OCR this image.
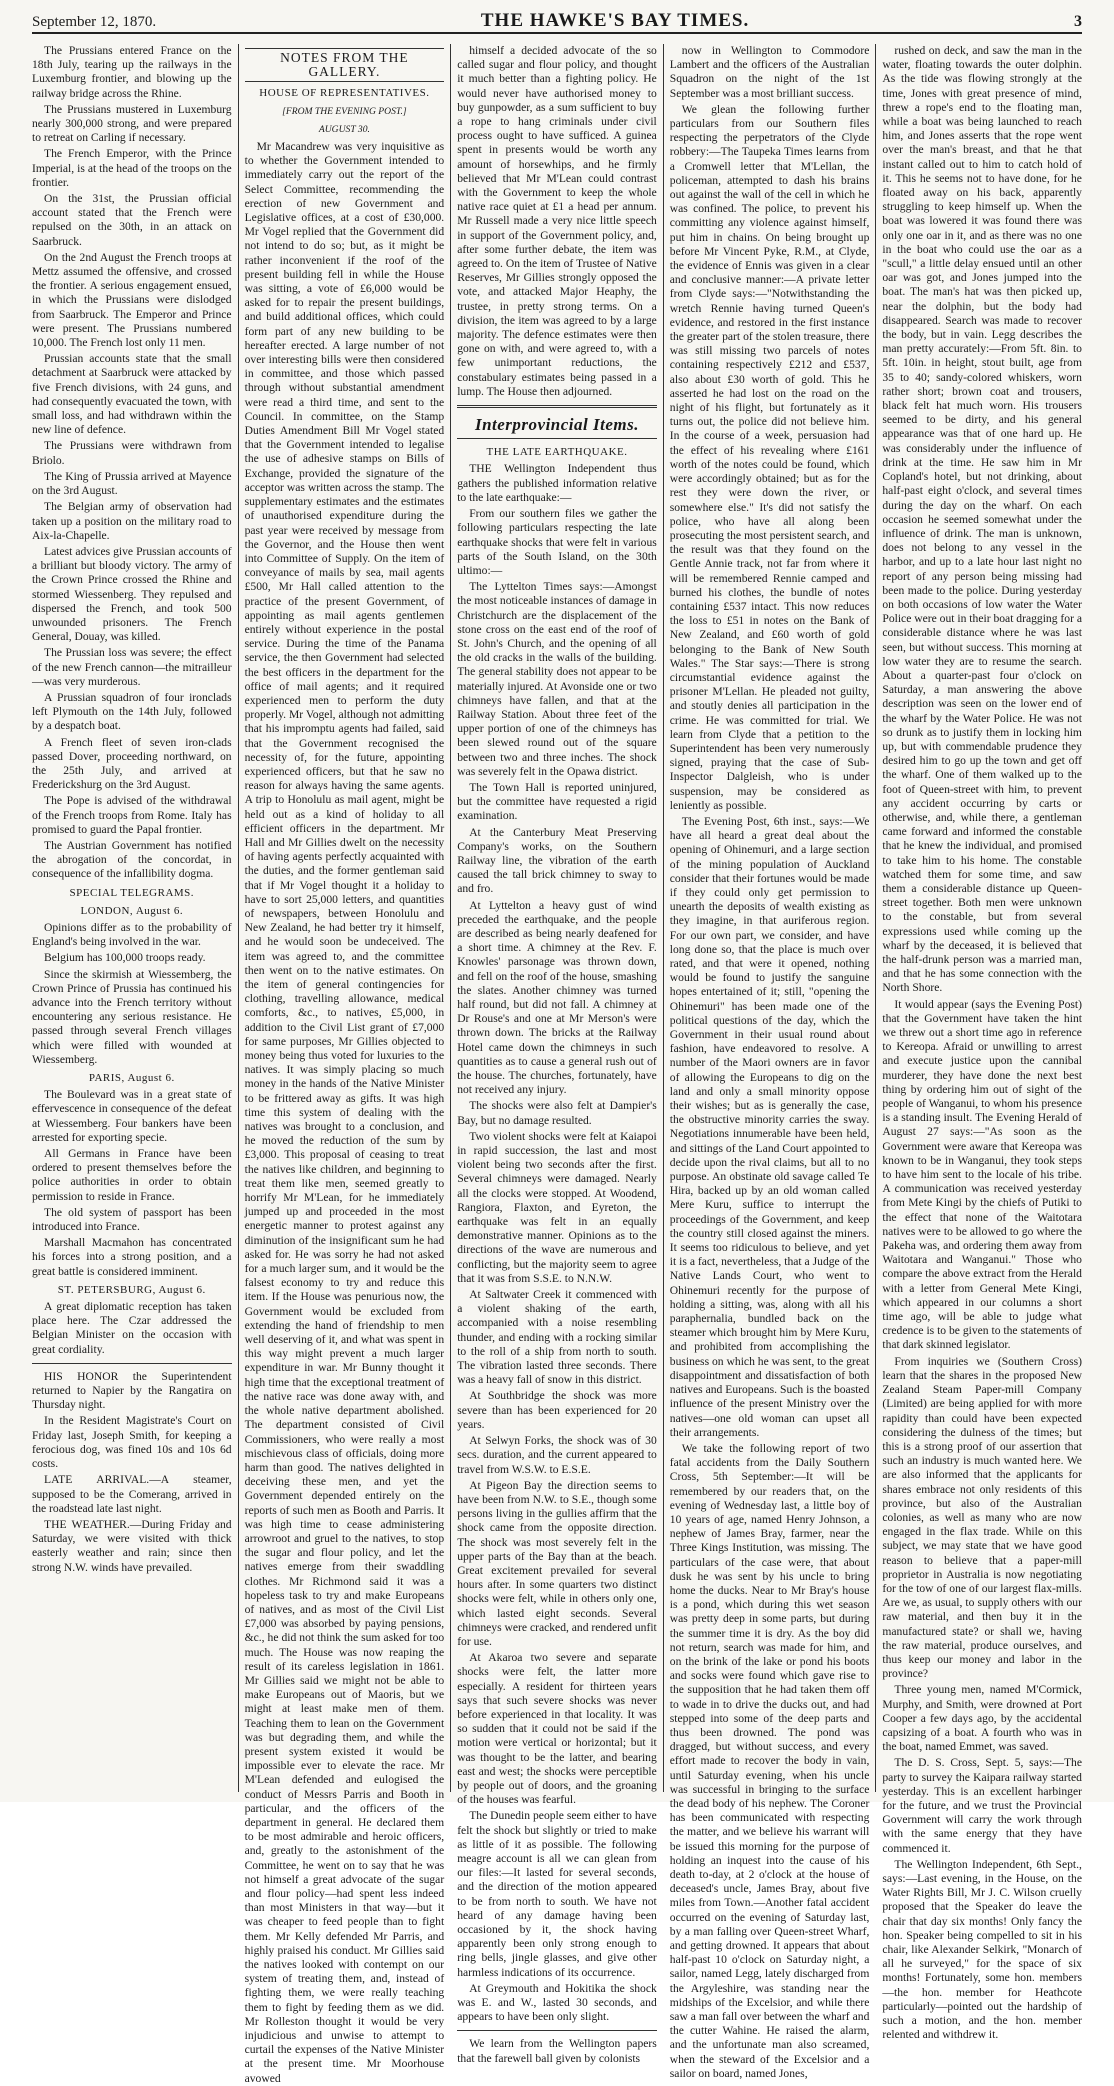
September 12, 1870.	THE HAWKE'S BAY TIMES.	3

The Prussians entered France on the 18th July, tearing up the railways in the Luxemburg frontier, and blowing up the railway bridge across the Rhine.

The Prussians mustered in Luxemburg nearly 300,000 strong, and were prepared to retreat on Carling if necessary.

The French Emperor, with the Prince Imperial, is at the head of the troops on the frontier.

On the 31st, the Prussian official account stated that the French were repulsed on the 30th, in an attack on Saarbruck.

On the 2nd August the French troops at Mettz assumed the offensive, and crossed the frontier. A serious engagement ensued, in which the Prussians were dislodged from Saarbruck. The Emperor and Prince were present. The Prussians numbered 10,000. The French lost only 11 men.

Prussian accounts state that the small detachment at Saarbruck were attacked by five French divisions, with 24 guns, and had consequently evacuated the town, with small loss, and had withdrawn within the new line of defence.

The Prussians were withdrawn from Briolo.

The King of Prussia arrived at Mayence on the 3rd August.

The Belgian army of observation had taken up a position on the military road to Aix-la-Chapelle.

Latest advices give Prussian accounts of a brilliant but bloody victory. The army of the Crown Prince crossed the Rhine and stormed Wiessenberg. They repulsed and dispersed the French, and took 500 unwounded prisoners. The French General, Douay, was killed.

The Prussian loss was severe; the effect of the new French cannon—the mitrailleur—was very murderous.

A Prussian squadron of four ironclads left Plymouth on the 14th July, followed by a despatch boat.

A French fleet of seven iron-clads passed Dover, proceeding northward, on the 25th July, and arrived at Frederickshurg on the 3rd August.

The Pope is advised of the withdrawal of the French troops from Rome. Italy has promised to guard the Papal frontier.

The Austrian Government has notified the abrogation of the concordat, in consequence of the infallibility dogma.

SPECIAL TELEGRAMS.
LONDON, August 6.

Opinions differ as to the probability of England's being involved in the war.

Belgium has 100,000 troops ready.

Since the skirmish at Wiessemberg, the Crown Prince of Prussia has continued his advance into the French territory without encountering any serious resistance. He passed through several French villages which were filled with wounded at Wiessemberg.

PARIS, August 6.

The Boulevard was in a great state of effervescence in consequence of the defeat at Wiessemberg. Four bankers have been arrested for exporting specie.

All Germans in France have been ordered to present themselves before the police authorities in order to obtain permission to reside in France.

The old system of passport has been introduced into France.

Marshall Macmahon has concentrated his forces into a strong position, and a great battle is considered imminent.

ST. PETERSBURG, August 6.

A great diplomatic reception has taken place here. The Czar addressed the Belgian Minister on the occasion with great cordiality.

HIS HONOR the Superintendent returned to Napier by the Rangatira on Thursday night.

In the Resident Magistrate's Court on Friday last, Joseph Smith, for keeping a ferocious dog, was fined 10s and 10s 6d costs.

LATE ARRIVAL.—A steamer, supposed to be the Comerang, arrived in the roadstead late last night.

THE WEATHER.—During Friday and Saturday, we were visited with thick easterly weather and rain; since then strong N.W. winds have prevailed.

NOTES FROM THE GALLERY.
HOUSE OF REPRESENTATIVES.
[FROM THE EVENING POST.]
AUGUST 30.

Mr Macandrew was very inquisitive as to whether the Government intended to immediately carry out the report of the Select Committee, recommending the erection of new Government and Legislative offices, at a cost of £30,000. Mr Vogel replied that the Government did not intend to do so; but, as it might be rather inconvenient if the roof of the present building fell in while the House was sitting, a vote of £6,000 would be asked for to repair the present buildings, and build additional offices, which could form part of any new building to be hereafter erected. A large number of not over interesting bills were then considered in committee, and those which passed through without substantial amendment were read a third time, and sent to the Council. In committee, on the Stamp Duties Amendment Bill Mr Vogel stated that the Government intended to legalise the use of adhesive stamps on Bills of Exchange, provided the signature of the acceptor was written across the stamp. The supplementary estimates and the estimates of unauthorised expenditure during the past year were received by message from the Governor, and the House then went into Committee of Supply. On the item of conveyance of mails by sea, mail agents £500, Mr Hall called attention to the practice of the present Government, of appointing as mail agents gentlemen entirely without experience in the postal service. During the time of the Panama service, the then Government had selected the best officers in the department for the office of mail agents; and it required experienced men to perform the duty properly. Mr Vogel, although not admitting that his impromptu agents had failed, said that the Government recognised the necessity of, for the future, appointing experienced officers, but that he saw no reason for always having the same agents. A trip to Honolulu as mail agent, might be held out as a kind of holiday to all efficient officers in the department. Mr Hall and Mr Gillies dwelt on the necessity of having agents perfectly acquainted with the duties, and the former gentleman said that if Mr Vogel thought it a holiday to have to sort 25,000 letters, and quantities of newspapers, between Honolulu and New Zealand, he had better try it himself, and he would soon be undeceived. The item was agreed to, and the committee then went on to the native estimates. On the item of general contingencies for clothing, travelling allowance, medical comforts, &c., to natives, £5,000, in addition to the Civil List grant of £7,000 for same purposes, Mr Gillies objected to money being thus voted for luxuries to the natives. It was simply placing so much money in the hands of the Native Minister to be frittered away as gifts. It was high time this system of dealing with the natives was brought to a conclusion, and he moved the reduction of the sum by £3,000. This proposal of ceasing to treat the natives like children, and beginning to treat them like men, seemed greatly to horrify Mr M'Lean, for he immediately jumped up and proceeded in the most energetic manner to protest against any diminution of the insignificant sum he had asked for. He was sorry he had not asked for a much larger sum, and it would be the falsest economy to try and reduce this item. If the House was penurious now, the Government would be excluded from extending the hand of friendship to men well deserving of it, and what was spent in this way might prevent a much larger expenditure in war. Mr Bunny thought it high time that the exceptional treatment of the native race was done away with, and the whole native department abolished. The department consisted of Civil Commissioners, who were really a most mischievous class of officials, doing more harm than good. The natives delighted in deceiving these men, and yet the Government depended entirely on the reports of such men as Booth and Parris. It was high time to cease administering arrowroot and gruel to the natives, to stop the sugar and flour policy, and let the natives emerge from their swaddling clothes. Mr Richmond said it was a hopeless task to try and make Europeans of natives, and as most of the Civil List £7,000 was absorbed by paying pensions, &c., he did not think the sum asked for too much. The House was now reaping the result of its careless legislation in 1861. Mr Gillies said we might not be able to make Europeans out of Maoris, but we might at least make men of them. Teaching them to lean on the Government was but degrading them, and while the present system existed it would be impossible ever to elevate the race. Mr M'Lean defended and eulogised the conduct of Messrs Parris and Booth in particular, and the officers of the department in general. He declared them to be most admirable and heroic officers, and, greatly to the astonishment of the Committee, he went on to say that he was not himself a great advocate of the sugar and flour policy—had spent less indeed than most Ministers in that way—but it was cheaper to feed people than to fight them. Mr Kelly defended Mr Parris, and highly praised his conduct. Mr Gillies said the natives looked with contempt on our system of treating them, and, instead of fighting them, we were really teaching them to fight by feeding them as we did. Mr Rolleston thought it would be very injudicious and unwise to attempt to curtail the expenses of the Native Minister at the present time. Mr Moorhouse avowed

himself a decided advocate of the so called sugar and flour policy, and thought it much better than a fighting policy. He would never have authorised money to buy gunpowder, as a sum sufficient to buy a rope to hang criminals under civil process ought to have sufficed. A guinea spent in presents would be worth any amount of horsewhips, and he firmly believed that Mr M'Lean could contrast with the Government to keep the whole native race quiet at £1 a head per annum. Mr Russell made a very nice little speech in support of the Government policy, and, after some further debate, the item was agreed to. On the item of Trustee of Native Reserves, Mr Gillies strongly opposed the vote, and attacked Major Heaphy, the trustee, in pretty strong terms. On a division, the item was agreed to by a large majority. The defence estimates were then gone on with, and were agreed to, with a few unimportant reductions, the constabulary estimates being passed in a lump. The House then adjourned.

Interprovincial Items.
THE LATE EARTHQUAKE.

THE Wellington Independent thus gathers the published information relative to the late earthquake:—

From our southern files we gather the following particulars respecting the late earthquake shocks that were felt in various parts of the South Island, on the 30th ultimo:—

The Lyttelton Times says:—Amongst the most noticeable instances of damage in Christchurch are the displacement of the stone cross on the east end of the roof of St. John's Church, and the opening of all the old cracks in the walls of the building. The general stability does not appear to be materially injured. At Avonside one or two chimneys have fallen, and that at the Railway Station. About three feet of the upper portion of one of the chimneys has been slewed round out of the square between two and three inches. The shock was severely felt in the Opawa district.

The Town Hall is reported uninjured, but the committee have requested a rigid examination.

At the Canterbury Meat Preserving Company's works, on the Southern Railway line, the vibration of the earth caused the tall brick chimney to sway to and fro.

At Lyttelton a heavy gust of wind preceded the earthquake, and the people are described as being nearly deafened for a short time. A chimney at the Rev. F. Knowles' parsonage was thrown down, and fell on the roof of the house, smashing the slates. Another chimney was turned half round, but did not fall. A chimney at Dr Rouse's and one at Mr Merson's were thrown down. The bricks at the Railway Hotel came down the chimneys in such quantities as to cause a general rush out of the house. The churches, fortunately, have not received any injury.

The shocks were also felt at Dampier's Bay, but no damage resulted.

Two violent shocks were felt at Kaiapoi in rapid succession, the last and most violent being two seconds after the first. Several chimneys were damaged. Nearly all the clocks were stopped. At Woodend, Rangiora, Flaxton, and Eyreton, the earthquake was felt in an equally demonstrative manner. Opinions as to the directions of the wave are numerous and conflicting, but the majority seem to agree that it was from S.S.E. to N.N.W.

At Saltwater Creek it commenced with a violent shaking of the earth, accompanied with a noise resembling thunder, and ending with a rocking similar to the roll of a ship from north to south. The vibration lasted three seconds. There was a heavy fall of snow in this district.

At Southbridge the shock was more severe than has been experienced for 20 years.

At Selwyn Forks, the shock was of 30 secs. duration, and the current appeared to travel from W.S.W. to E.S.E.

At Pigeon Bay the direction seems to have been from N.W. to S.E., though some persons living in the gullies affirm that the shock came from the opposite direction. The shock was most severely felt in the upper parts of the Bay than at the beach. Great excitement prevailed for several hours after. In some quarters two distinct shocks were felt, while in others only one, which lasted eight seconds. Several chimneys were cracked, and rendered unfit for use.

At Akaroa two severe and separate shocks were felt, the latter more especially. A resident for thirteen years says that such severe shocks was never before experienced in that locality. It was so sudden that it could not be said if the motion were vertical or horizontal; but it was thought to be the latter, and bearing east and west; the shocks were perceptible by people out of doors, and the groaning of the houses was fearful.

The Dunedin people seem either to have felt the shock but slightly or tried to make as little of it as possible. The following meagre account is all we can glean from our files:—It lasted for several seconds, and the direction of the motion appeared to be from north to south. We have not heard of any damage having been occasioned by it, the shock having apparently been only strong enough to ring bells, jingle glasses, and give other harmless indications of its occurrence.

At Greymouth and Hokitika the shock was E. and W., lasted 30 seconds, and appears to have been only slight.

We learn from the Wellington papers that the farewell ball given by colonists

now in Wellington to Commodore Lambert and the officers of the Australian Squadron on the night of the 1st September was a most brilliant success.

We glean the following further particulars from our Southern files respecting the perpetrators of the Clyde robbery:—The Taupeka Times learns from a Cromwell letter that M'Lellan, the policeman, attempted to dash his brains out against the wall of the cell in which he was confined. The police, to prevent his committing any violence against himself, put him in chains. On being brought up before Mr Vincent Pyke, R.M., at Clyde, the evidence of Ennis was given in a clear and conclusive manner:—A private letter from Clyde says:—"Notwithstanding the wretch Rennie having turned Queen's evidence, and restored in the first instance the greater part of the stolen treasure, there was still missing two parcels of notes containing respectively £212 and £537, also about £30 worth of gold. This he asserted he had lost on the road on the night of his flight, but fortunately as it turns out, the police did not believe him. In the course of a week, persuasion had the effect of his revealing where £161 worth of the notes could be found, which were accordingly obtained; but as for the rest they were down the river, or somewhere else." It's did not satisfy the police, who have all along been prosecuting the most persistent search, and the result was that they found on the Gentle Annie track, not far from where it will be remembered Rennie camped and burned his clothes, the bundle of notes containing £537 intact. This now reduces the loss to £51 in notes on the Bank of New Zealand, and £60 worth of gold belonging to the Bank of New South Wales." The Star says:—There is strong circumstantial evidence against the prisoner M'Lellan. He pleaded not guilty, and stoutly denies all participation in the crime. He was committed for trial. We learn from Clyde that a petition to the Superintendent has been very numerously signed, praying that the case of Sub-Inspector Dalgleish, who is under suspension, may be considered as leniently as possible.

The Evening Post, 6th inst., says:—We have all heard a great deal about the opening of Ohinemuri, and a large section of the mining population of Auckland consider that their fortunes would be made if they could only get permission to unearth the deposits of wealth existing as they imagine, in that auriferous region. For our own part, we consider, and have long done so, that the place is much over rated, and that were it opened, nothing would be found to justify the sanguine hopes entertained of it; still, "opening the Ohinemuri" has been made one of the political questions of the day, which the Government in their usual round about fashion, have endeavored to resolve. A number of the Maori owners are in favor of allowing the Europeans to dig on the land and only a small minority oppose their wishes; but as is generally the case, the obstructive minority carries the sway. Negotiations innumerable have been held, and sittings of the Land Court appointed to decide upon the rival claims, but all to no purpose. An obstinate old savage called Te Hira, backed up by an old woman called Mere Kuru, suffice to interrupt the proceedings of the Government, and keep the country still closed against the miners. It seems too ridiculous to believe, and yet it is a fact, nevertheless, that a Judge of the Native Lands Court, who went to Ohinemuri recently for the purpose of holding a sitting, was, along with all his paraphernalia, bundled back on the steamer which brought him by Mere Kuru, and prohibited from accomplishing the business on which he was sent, to the great disappointment and dissatisfaction of both natives and Europeans. Such is the boasted influence of the present Ministry over the natives—one old woman can upset all their arrangements.

We take the following report of two fatal accidents from the Daily Southern Cross, 5th September:—It will be remembered by our readers that, on the evening of Wednesday last, a little boy of 10 years of age, named Henry Johnson, a nephew of James Bray, farmer, near the Three Kings Institution, was missing. The particulars of the case were, that about dusk he was sent by his uncle to bring home the ducks. Near to Mr Bray's house is a pond, which during this wet season was pretty deep in some parts, but during the summer time it is dry. As the boy did not return, search was made for him, and on the brink of the lake or pond his boots and socks were found which gave rise to the supposition that he had taken them off to wade in to drive the ducks out, and had stepped into some of the deep parts and thus been drowned. The pond was dragged, but without success, and every effort made to recover the body in vain, until Saturday evening, when his uncle was successful in bringing to the surface the dead body of his nephew. The Coroner has been communicated with respecting the matter, and we believe his warrant will be issued this morning for the purpose of holding an inquest into the cause of his death to-day, at 2 o'clock at the house of deceased's uncle, James Bray, about five miles from Town.—Another fatal accident occurred on the evening of Saturday last, by a man falling over Queen-street Wharf, and getting drowned. It appears that about half-past 10 o'clock on Saturday night, a sailor, named Legg, lately discharged from the Argyleshire, was standing near the midships of the Excelsior, and while there saw a man fall over between the wharf and the cutter Wahine. He raised the alarm, and the unfortunate man also screamed, when the steward of the Excelsior and a sailor on board, named Jones,

rushed on deck, and saw the man in the water, floating towards the outer dolphin. As the tide was flowing strongly at the time, Jones with great presence of mind, threw a rope's end to the floating man, while a boat was being launched to reach him, and Jones asserts that the rope went over the man's breast, and that he that instant called out to him to catch hold of it. This he seems not to have done, for he floated away on his back, apparently struggling to keep himself up. When the boat was lowered it was found there was only one oar in it, and as there was no one in the boat who could use the oar as a "scull," a little delay ensued until an other oar was got, and Jones jumped into the boat. The man's hat was then picked up, near the dolphin, but the body had disappeared. Search was made to recover the body, but in vain. Legg describes the man pretty accurately:—From 5ft. 8in. to 5ft. 10in. in height, stout built, age from 35 to 40; sandy-colored whiskers, worn rather short; brown coat and trousers, black felt hat much worn. His trousers seemed to be dirty, and his general appearance was that of one hard up. He was considerably under the influence of drink at the time. He saw him in Mr Copland's hotel, but not drinking, about half-past eight o'clock, and several times during the day on the wharf. On each occasion he seemed somewhat under the influence of drink. The man is unknown, does not belong to any vessel in the harbor, and up to a late hour last night no report of any person being missing had been made to the police. During yesterday on both occasions of low water the Water Police were out in their boat dragging for a considerable distance where he was last seen, but without success. This morning at low water they are to resume the search. About a quarter-past four o'clock on Saturday, a man answering the above description was seen on the lower end of the wharf by the Water Police. He was not so drunk as to justify them in locking him up, but with commendable prudence they desired him to go up the town and get off the wharf. One of them walked up to the foot of Queen-street with him, to prevent any accident occurring by carts or otherwise, and, while there, a gentleman came forward and informed the constable that he knew the individual, and promised to take him to his home. The constable watched them for some time, and saw them a considerable distance up Queen-street together. Both men were unknown to the constable, but from several expressions used while coming up the wharf by the deceased, it is believed that the half-drunk person was a married man, and that he has some connection with the North Shore.

It would appear (says the Evening Post) that the Government have taken the hint we threw out a short time ago in reference to Kereopa. Afraid or unwilling to arrest and execute justice upon the cannibal murderer, they have done the next best thing by ordering him out of sight of the people of Wanganui, to whom his presence is a standing insult. The Evening Herald of August 27 says:—"As soon as the Government were aware that Kereopa was known to be in Wanganui, they took steps to have him sent to the locale of his tribe. A communication was received yesterday from Mete Kingi by the chiefs of Putiki to the effect that none of the Waitotara natives were to be allowed to go where the Pakeha was, and ordering them away from Waitotara and Wanganui." Those who compare the above extract from the Herald with a letter from General Mete Kingi, which appeared in our columns a short time ago, will be able to judge what credence is to be given to the statements of that dark skinned legislator.

From inquiries we (Southern Cross) learn that the shares in the proposed New Zealand Steam Paper-mill Company (Limited) are being applied for with more rapidity than could have been expected considering the dulness of the times; but this is a strong proof of our assertion that such an industry is much wanted here. We are also informed that the applicants for shares embrace not only residents of this province, but also of the Australian colonies, as well as many who are now engaged in the flax trade. While on this subject, we may state that we have good reason to believe that a paper-mill proprietor in Australia is now negotiating for the tow of one of our largest flax-mills. Are we, as usual, to supply others with our raw material, and then buy it in the manufactured state? or shall we, having the raw material, produce ourselves, and thus keep our money and labor in the province?

Three young men, named M'Cormick, Murphy, and Smith, were drowned at Port Cooper a few days ago, by the accidental capsizing of a boat. A fourth who was in the boat, named Emmet, was saved.

The D. S. Cross, Sept. 5, says:—The party to survey the Kaipara railway started yesterday. This is an excellent harbinger for the future, and we trust the Provincial Government will carry the work through with the same energy that they have commenced it.

The Wellington Independent, 6th Sept., says:—Last evening, in the House, on the Water Rights Bill, Mr J. C. Wilson cruelly proposed that the Speaker do leave the chair that day six months! Only fancy the hon. Speaker being compelled to sit in his chair, like Alexander Selkirk, "Monarch of all he surveyed," for the space of six months! Fortunately, some hon. members—the hon. member for Heathcote particularly—pointed out the hardship of such a motion, and the hon. member relented and withdrew it.
